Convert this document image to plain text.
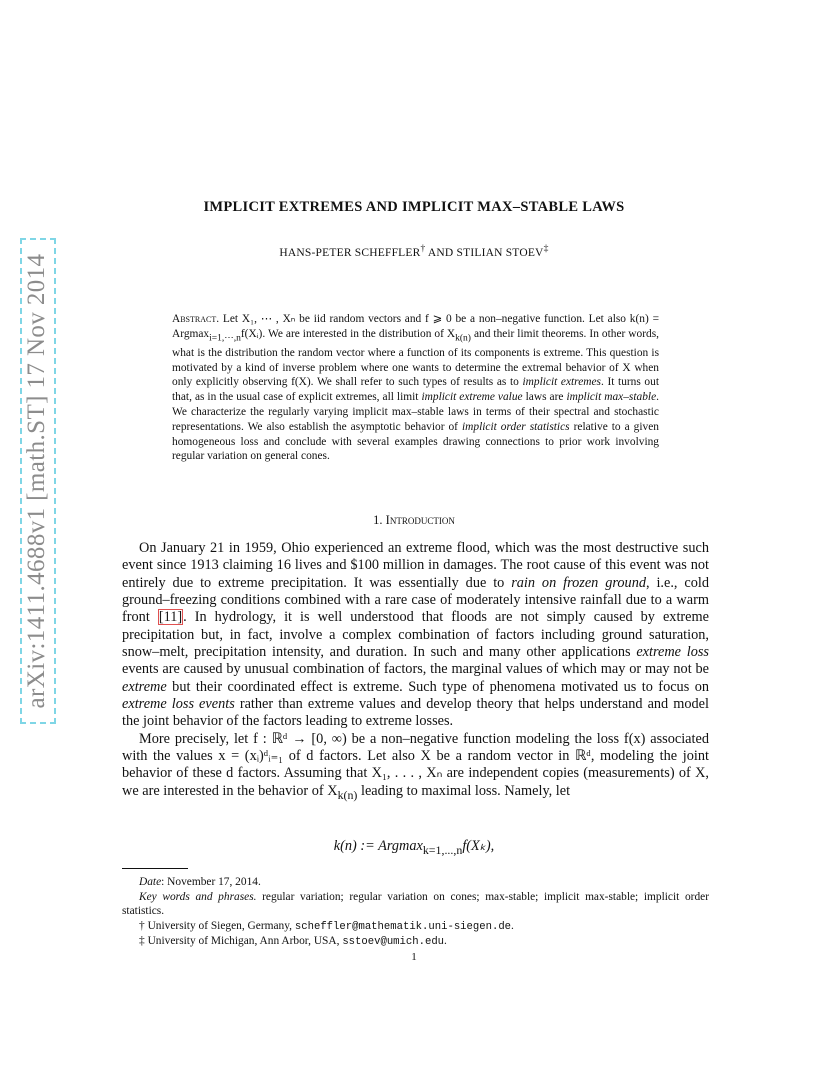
arXiv:1411.4688v1 [math.ST] 17 Nov 2014
IMPLICIT EXTREMES AND IMPLICIT MAX–STABLE LAWS
HANS-PETER SCHEFFLER† AND STILIAN STOEV‡
Abstract. Let X₁, ⋯ , Xₙ be iid random vectors and f ⩾ 0 be a non–negative function. Let also k(n) = Argmax$_{i=1,\cdots,n}$f(Xᵢ). We are interested in the distribution of $X_{k(n)}$ and their limit theorems. In other words, what is the distribution the random vector where a function of its components is extreme. This question is motivated by a kind of inverse problem where one wants to determine the extremal behavior of X when only explicitly observing f(X). We shall refer to such types of results as to implicit extremes. It turns out that, as in the usual case of explicit extremes, all limit implicit extreme value laws are implicit max–stable. We characterize the regularly varying implicit max–stable laws in terms of their spectral and stochastic representations. We also establish the asymptotic behavior of implicit order statistics relative to a given homogeneous loss and conclude with several examples drawing connections to prior work involving regular variation on general cones.
1. Introduction

On January 21 in 1959, Ohio experienced an extreme flood, which was the most destructive such event since 1913 claiming 16 lives and $100 million in damages. The root cause of this event was not entirely due to extreme precipitation. It was essentially due to rain on frozen ground, i.e., cold ground–freezing conditions combined with a rare case of moderately intensive rainfall due to a warm front [11]. In hydrology, it is well understood that floods are not simply caused by extreme precipitation but, in fact, involve a complex combination of factors including ground saturation, snow–melt, precipitation intensity, and duration. In such and many other applications extreme loss events are caused by unusual combination of factors, the marginal values of which may or may not be extreme but their coordinated effect is extreme. Such type of phenomena motivated us to focus on extreme loss events rather than extreme values and develop theory that helps understand and model the joint behavior of the factors leading to extreme losses.

More precisely, let f : ℝᵈ → [0, ∞) be a non–negative function modeling the loss f(x) associated with the values x = (xᵢ)ᵈᵢ₌₁ of d factors. Let also X be a random vector in ℝᵈ, modeling the joint behavior of these d factors. Assuming that X₁, . . . , Xₙ are independent copies (measurements) of X, we are interested in the behavior of $X_{k(n)}$ leading to maximal loss. Namely, let

k(n) := Argmax$_{k=1,...,n}$f(Xₖ),

Date: November 17, 2014.

Key words and phrases. regular variation; regular variation on cones; max-stable; implicit max-stable; implicit order statistics.

† University of Siegen, Germany, scheffler@mathematik.uni-siegen.de.

‡ University of Michigan, Ann Arbor, USA, sstoev@umich.edu.

1
